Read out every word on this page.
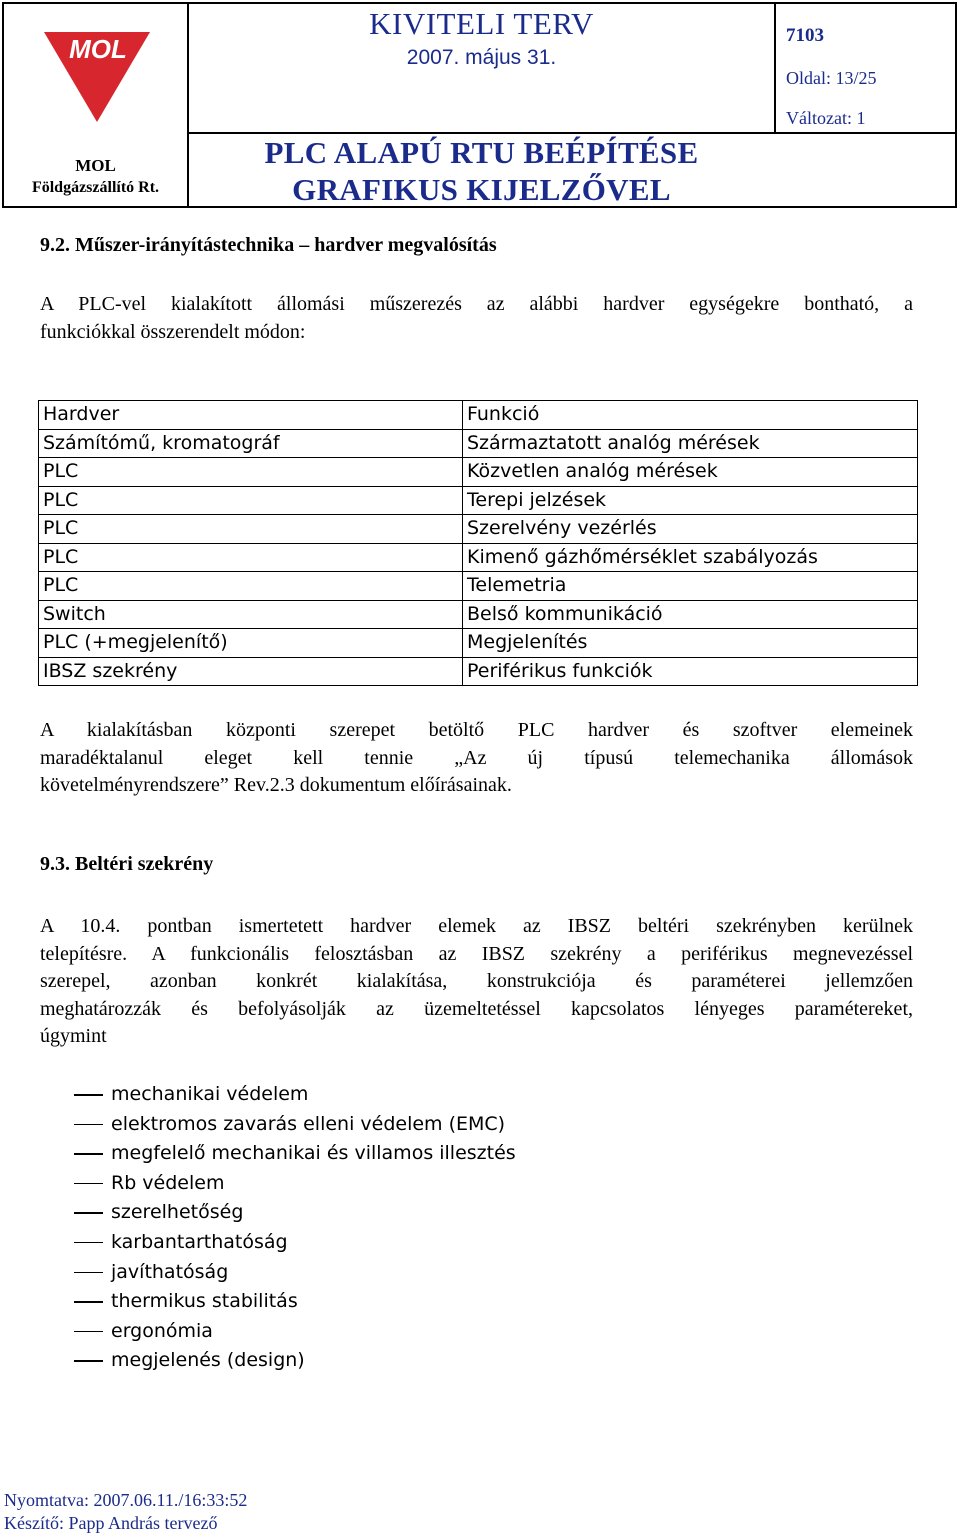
MOL
MOL
Földgázszállító Rt.
KIVITELI TERV
2007. május 31.
PLC ALAPÚ RTU BEÉPÍTÉSE
GRAFIKUS KIJELZŐVEL
7103
Oldal: 13/25
Változat: 1
9.2. Műszer-irányítástechnika – hardver megvalósítás
A PLC-vel kialakított állomási műszerezés az alábbi hardver egységekre bontható, a
funkciókkal összerendelt módon:
Hardver	Funkció
Számítómű, kromatográf	Származtatott analóg mérések
PLC	Közvetlen analóg mérések
PLC	Terepi jelzések
PLC	Szerelvény vezérlés
PLC	Kimenő gázhőmérséklet szabályozás
PLC	Telemetria
Switch	Belső kommunikáció
PLC (+megjelenítő)	Megjelenítés
IBSZ szekrény	Periférikus funkciók
A kialakításban központi szerepet betöltő PLC hardver és szoftver elemeinek
maradéktalanul eleget kell tennie „Az új típusú telemechanika állomások
követelményrendszere” Rev.2.3 dokumentum előírásainak.
9.3. Beltéri szekrény
A 10.4. pontban ismertetett hardver elemek az IBSZ beltéri szekrényben kerülnek
telepítésre. A funkcionális felosztásban az IBSZ szekrény a periférikus megnevezéssel
szerepel, azonban konkrét kialakítása, konstrukciója és paraméterei jellemzően
meghatározzák és befolyásolják az üzemeltetéssel kapcsolatos lényeges paramétereket,
úgymint
mechanikai védelem
elektromos zavarás elleni védelem (EMC)
megfelelő mechanikai és villamos illesztés
Rb védelem
szerelhetőség
karbantarthatóság
javíthatóság
thermikus stabilitás
ergonómia
megjelenés (design)
Nyomtatva: 2007.06.11./16:33:52
Készítő: Papp András tervező
